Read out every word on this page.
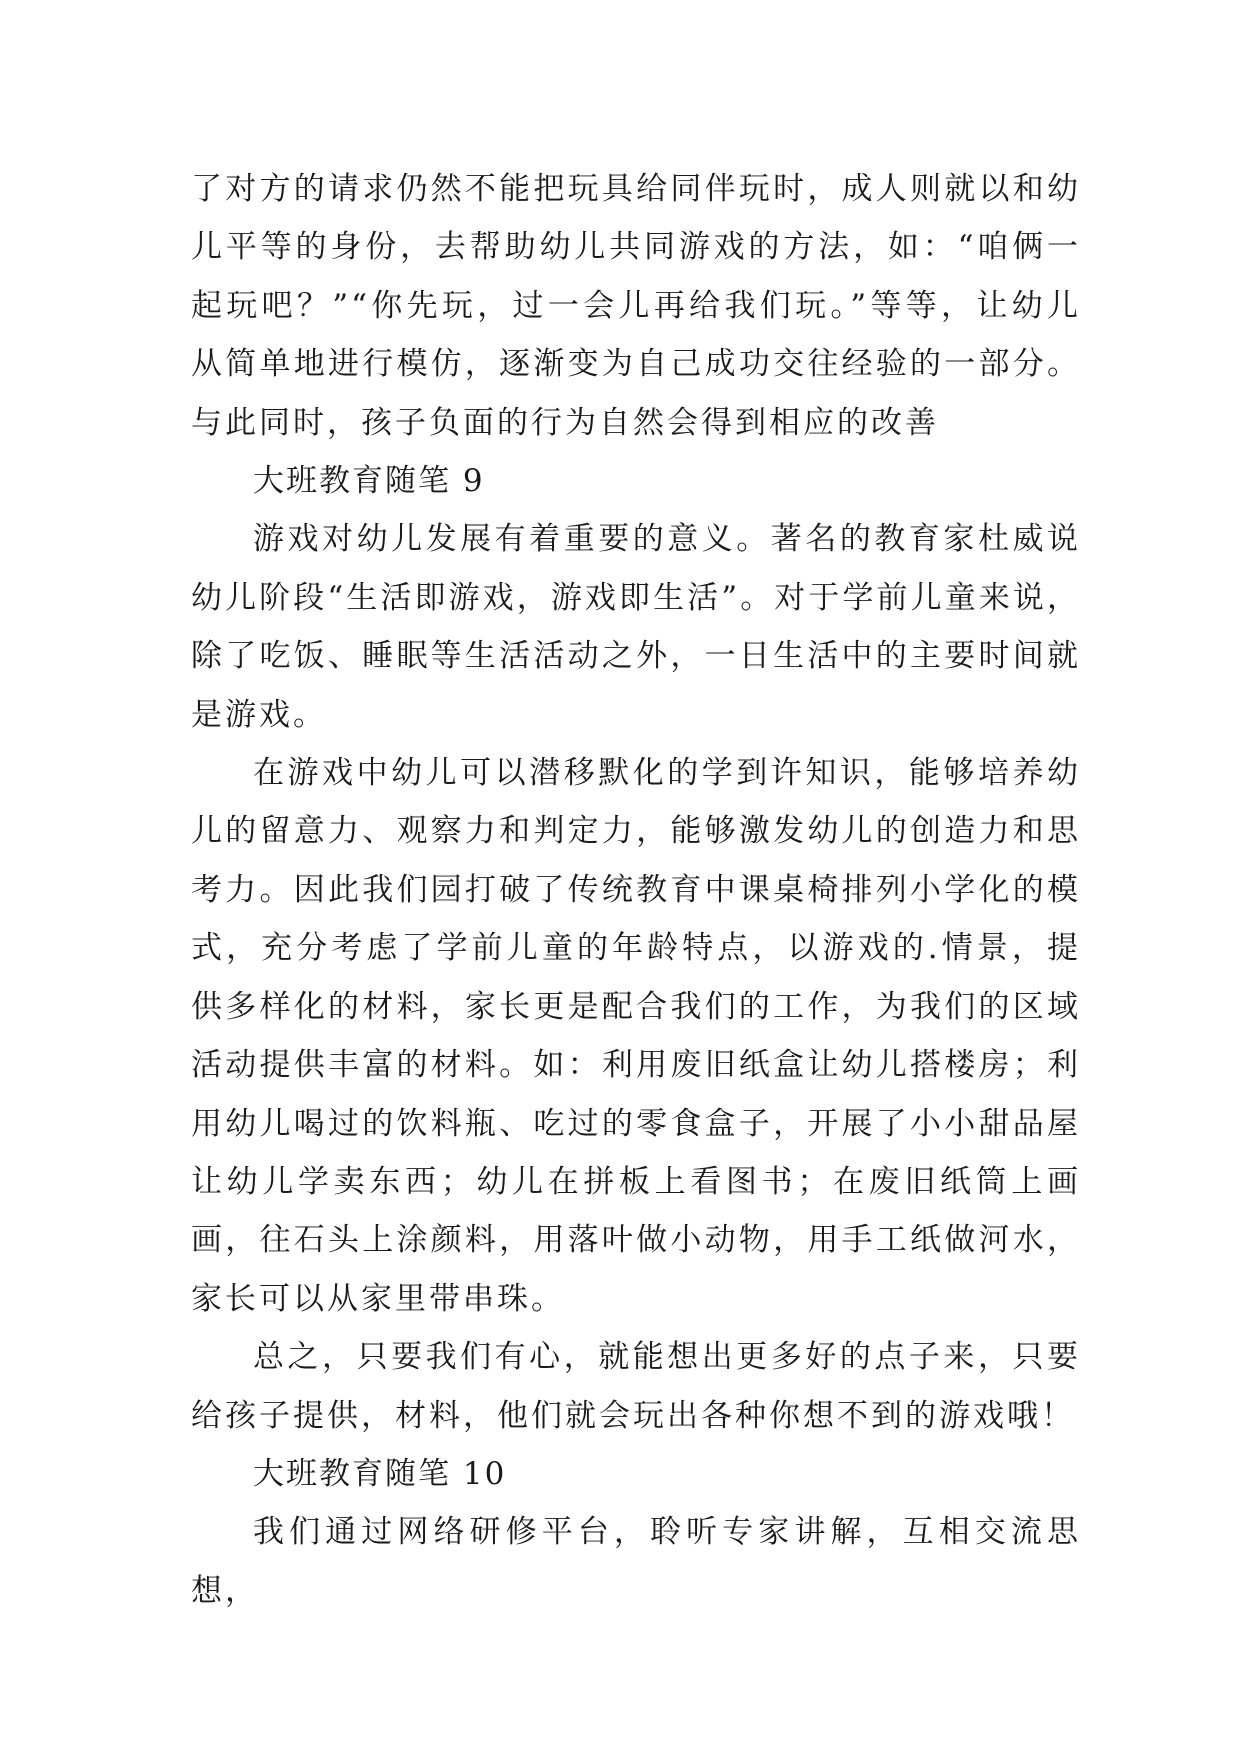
了对方的请求仍然不能把玩具给同伴玩时，成人则就以和幼儿平等的身份，去帮助幼儿共同游戏的方法，如：“咱俩一起玩吧？”“你先玩，过一会儿再给我们玩。”等等，让幼儿从简单地进行模仿，逐渐变为自己成功交往经验的一部分。与此同时，孩子负面的行为自然会得到相应的改善

大班教育随笔 9

游戏对幼儿发展有着重要的意义。著名的教育家杜威说幼儿阶段“生活即游戏，游戏即生活”。对于学前儿童来说，除了吃饭、睡眠等生活活动之外，一日生活中的主要时间就是游戏。

在游戏中幼儿可以潜移默化的学到许知识，能够培养幼儿的留意力、观察力和判定力，能够激发幼儿的创造力和思考力。因此我们园打破了传统教育中课桌椅排列小学化的模式，充分考虑了学前儿童的年龄特点，以游戏的.情景，提供多样化的材料，家长更是配合我们的工作，为我们的区域活动提供丰富的材料。如：利用废旧纸盒让幼儿搭楼房；利用幼儿喝过的饮料瓶、吃过的零食盒子，开展了小小甜品屋让幼儿学卖东西；幼儿在拼板上看图书；在废旧纸筒上画画，往石头上涂颜料，用落叶做小动物，用手工纸做河水，家长可以从家里带串珠。

总之，只要我们有心，就能想出更多好的点子来，只要给孩子提供，材料，他们就会玩出各种你想不到的游戏哦！

大班教育随笔 10

我们通过网络研修平台，聆听专家讲解，互相交流思想，
